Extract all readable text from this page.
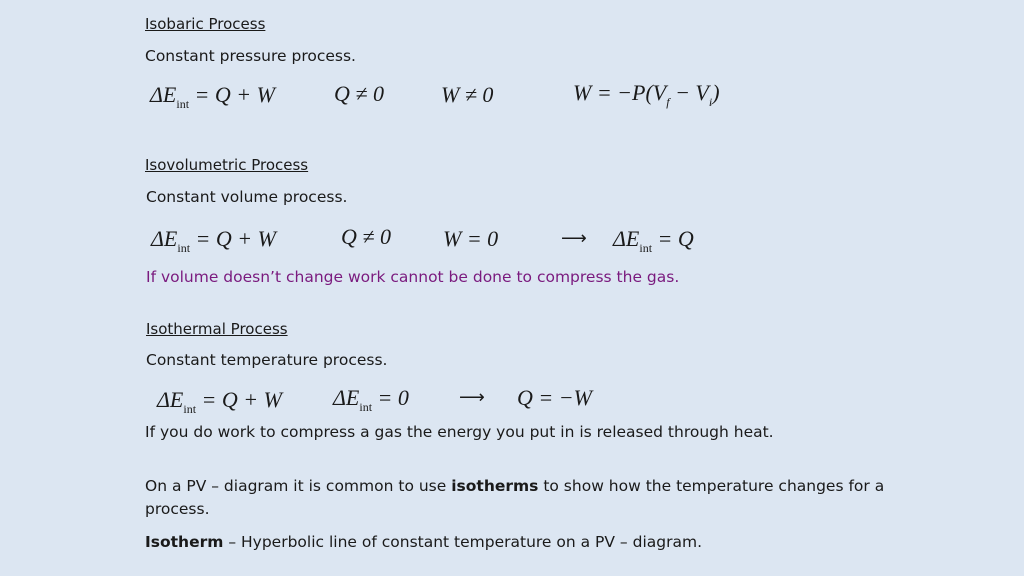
Isobaric Process
Constant pressure process.
$\Delta E_{int} = Q + W$	Q ≠ 0	W ≠ 0	$W = -P(V_f - V_i)$
Isovolumetric Process
Constant volume process.
$\Delta E_{int} = Q + W$	Q ≠ 0 W = 0	⟶ $\Delta E_{int} = Q$
If volume doesn’t change work cannot be done to compress the gas.
Isothermal Process
Constant temperature process.
$\Delta E_{int} = Q + W$ $\Delta E_{int} = 0$	⟶ Q = −W
If you do work to compress a gas the energy you put in is released through heat.
On a PV – diagram it is common to use isotherms to show how the temperature changes for a
process.
Isotherm – Hyperbolic line of constant temperature on a PV – diagram.
